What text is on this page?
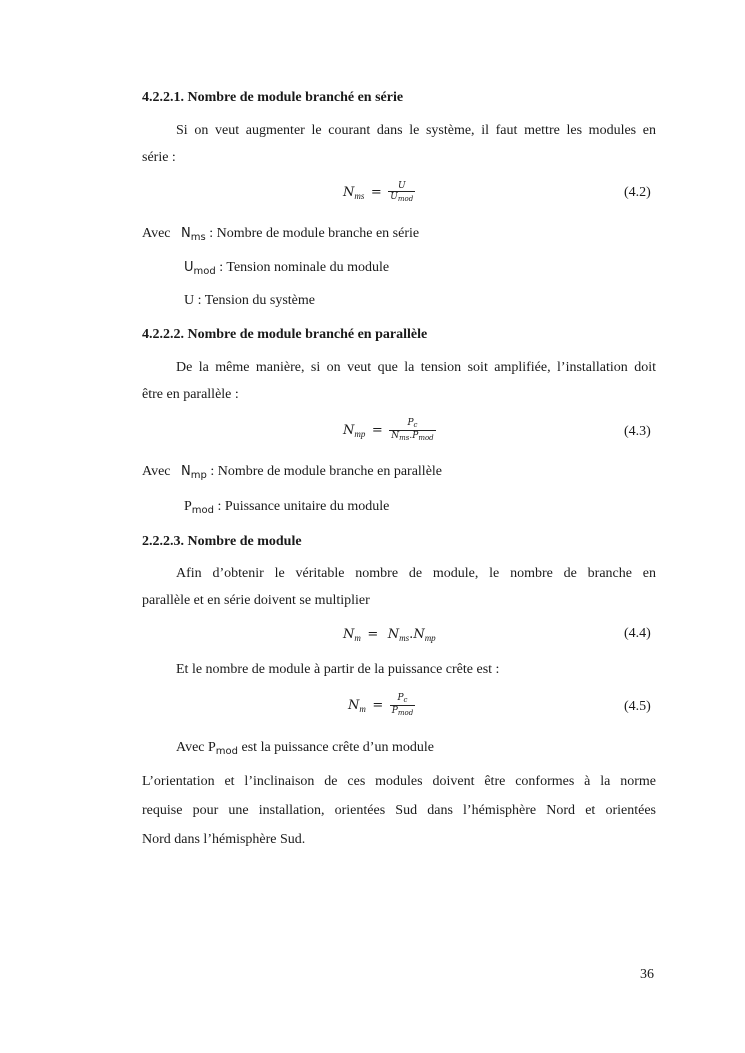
4.2.2.1. Nombre de module branché en série
Si on veut augmenter le courant dans le système, il faut mettre les modules en
série :
$N_{ms} = \frac{U}{U_{mod}}$	(4.2)
Avec $N_{ms}$ : Nombre de module branche en série
$U_{mod}$ : Tension nominale du module
U : Tension du système
4.2.2.2. Nombre de module branché en parallèle
De la même manière, si on veut que la tension soit amplifiée, l’installation doit
être en parallèle :
$N_{mp} = \frac{P_c}{N_{ms}.P_{mod}}$	(4.3)
Avec $N_{mp}$ : Nombre de module branche en parallèle
$P_{mod}$ : Puissance unitaire du module
2.2.2.3. Nombre de module
Afin d’obtenir le véritable nombre de module, le nombre de branche en
parallèle et en série doivent se multiplier
$N_m = N_{ms}.N_{mp}$	(4.4)
Et le nombre de module à partir de la puissance crête est :
$N_m = \frac{P_c}{P_{mod}}$	(4.5)
Avec $P_{mod}$ est la puissance crête d’un module
L’orientation et l’inclinaison de ces modules doivent être conformes à la norme
requise pour une installation, orientées Sud dans l’hémisphère Nord et orientées
Nord dans l’hémisphère Sud.
36
